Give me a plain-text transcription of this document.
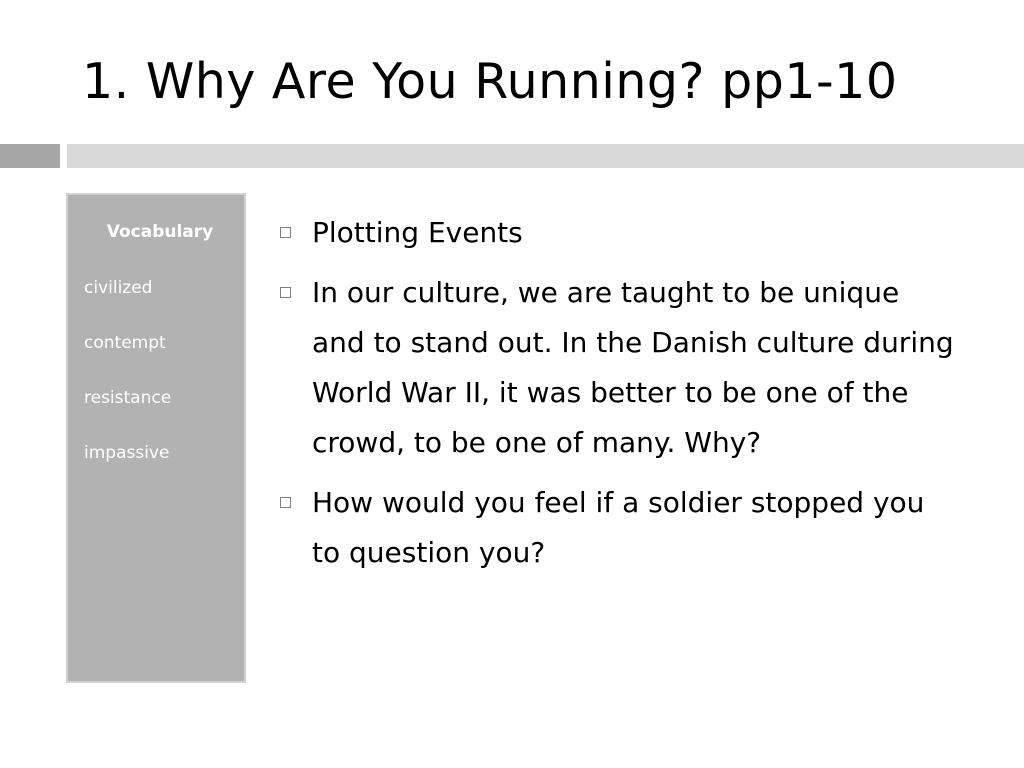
1. Why Are You Running? pp1-10
Vocabulary
civilized
contempt
resistance
impassive
Plotting Events
In our culture, we are taught to be unique and to stand out. In the Danish culture during World War II, it was better to be one of the crowd, to be one of many. Why?
How would you feel if a soldier stopped you to question you?
